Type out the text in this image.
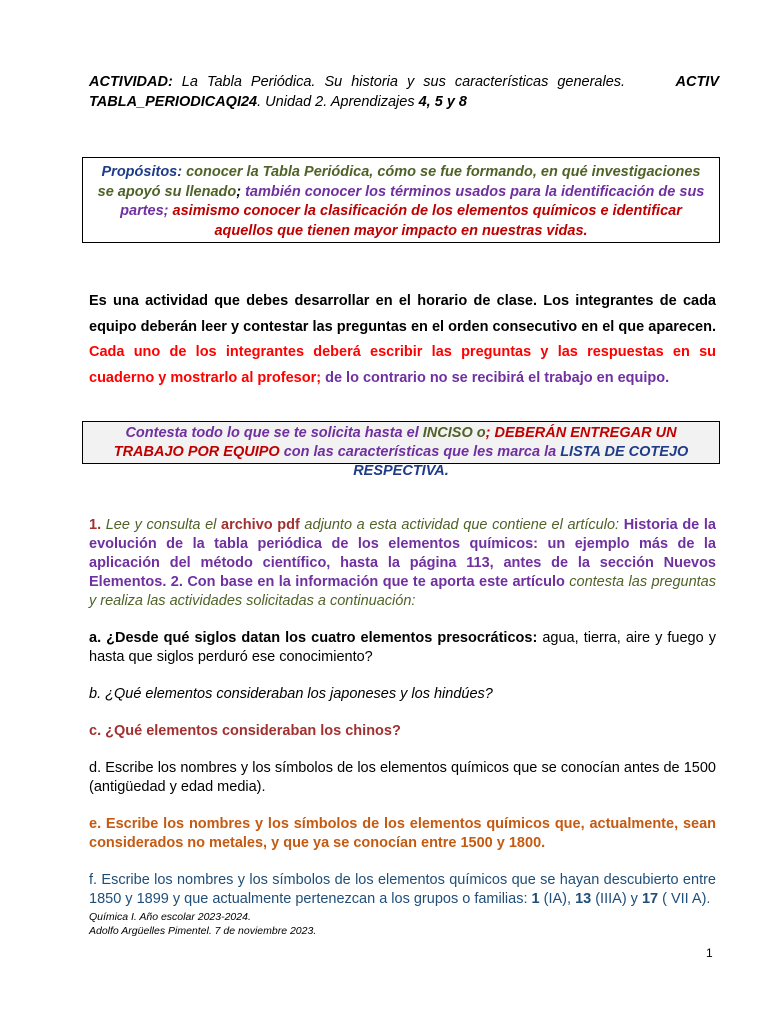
ACTIVIDAD: La Tabla Periódica. Su historia y sus características generales.	ACTIV
TABLA_PERIODICAQI24. Unidad 2. Aprendizajes 4, 5 y 8
Propósitos: conocer la Tabla Periódica, cómo se fue formando, en qué investigaciones se apoyó su llenado; también conocer los términos usados para la identificación de sus partes; asimismo conocer la clasificación de los elementos químicos e identificar aquellos que tienen mayor impacto en nuestras vidas.
Es una actividad que debes desarrollar en el horario de clase. Los integrantes de cada equipo deberán leer y contestar las preguntas en el orden consecutivo en el que aparecen. Cada uno de los integrantes deberá escribir las preguntas y las respuestas en su cuaderno y mostrarlo al profesor; de lo contrario no se recibirá el trabajo en equipo.
Contesta todo lo que se te solicita hasta el INCISO o; DEBERÁN ENTREGAR UN TRABAJO POR EQUIPO con las características que les marca la LISTA DE COTEJO RESPECTIVA.
1. Lee y consulta el archivo pdf adjunto a esta actividad que contiene el artículo: Historia de la evolución de la tabla periódica de los elementos químicos: un ejemplo más de la aplicación del método científico, hasta la página 113, antes de la sección Nuevos Elementos. 2. Con base en la información que te aporta este artículo contesta las preguntas y realiza las actividades solicitadas a continuación:
a. ¿Desde qué siglos datan los cuatro elementos presocráticos: agua, tierra, aire y fuego y hasta que siglos perduró ese conocimiento?
b. ¿Qué elementos consideraban los japoneses y los hindúes?
c. ¿Qué elementos consideraban los chinos?
d. Escribe los nombres y los símbolos de los elementos químicos que se conocían antes de 1500 (antigüedad y edad media).
e. Escribe los nombres y los símbolos de los elementos químicos que, actualmente, sean considerados no metales, y que ya se conocían entre 1500 y 1800.
f. Escribe los nombres y los símbolos de los elementos químicos que se hayan descubierto entre 1850 y 1899 y que actualmente pertenezcan a los grupos o familias: 1 (IA), 13 (IIIA) y 17 ( VII A).
Química I. Año escolar 2023-2024.
Adolfo Argüelles Pimentel. 7 de noviembre 2023.
1
